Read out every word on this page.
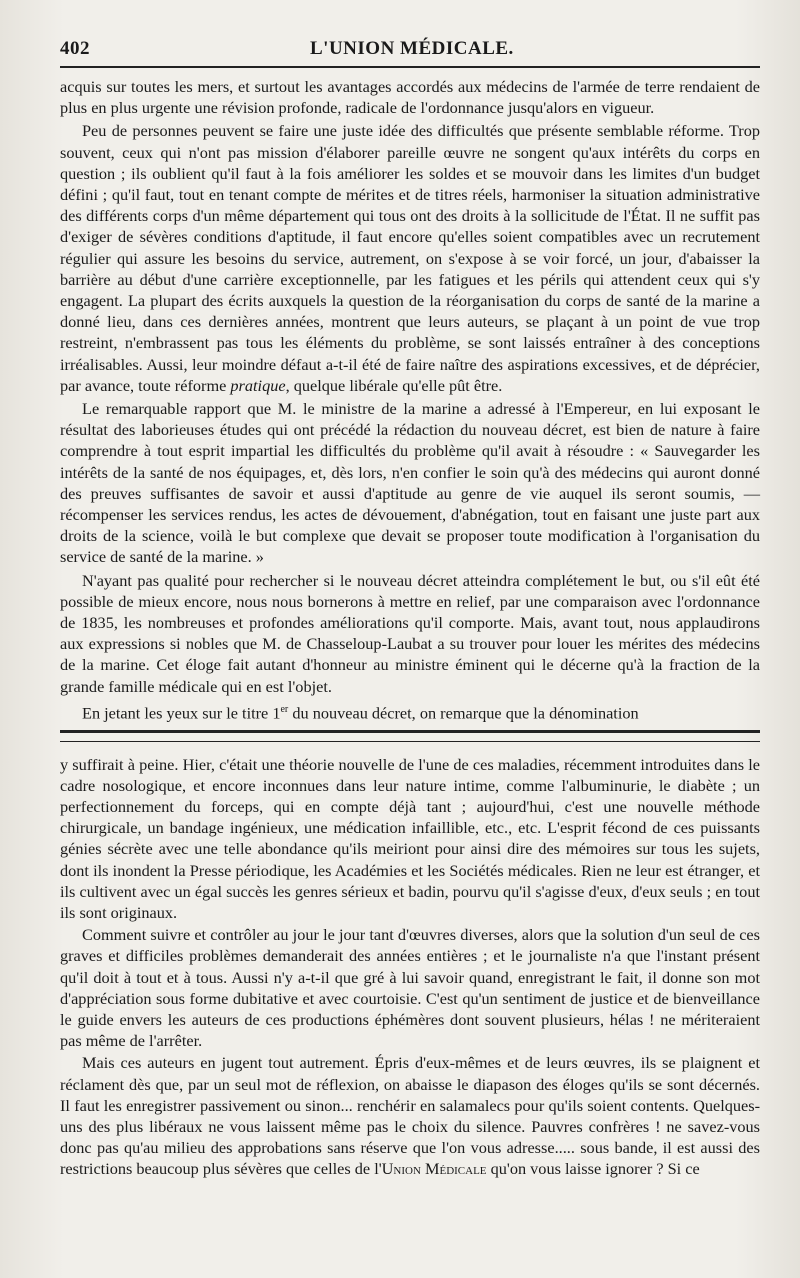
402	L'UNION MÉDICALE.

acquis sur toutes les mers, et surtout les avantages accordés aux médecins de l'armée de terre rendaient de plus en plus urgente une révision profonde, radicale de l'ordonnance jusqu'alors en vigueur.

Peu de personnes peuvent se faire une juste idée des difficultés que présente semblable réforme. Trop souvent, ceux qui n'ont pas mission d'élaborer pareille œuvre ne songent qu'aux intérêts du corps en question ; ils oublient qu'il faut à la fois améliorer les soldes et se mouvoir dans les limites d'un budget défini ; qu'il faut, tout en tenant compte de mérites et de titres réels, harmoniser la situation administrative des différents corps d'un même département qui tous ont des droits à la sollicitude de l'État. Il ne suffit pas d'exiger de sévères conditions d'aptitude, il faut encore qu'elles soient compatibles avec un recrutement régulier qui assure les besoins du service, autrement, on s'expose à se voir forcé, un jour, d'abaisser la barrière au début d'une carrière exceptionnelle, par les fatigues et les périls qui attendent ceux qui s'y engagent. La plupart des écrits auxquels la question de la réorganisation du corps de santé de la marine a donné lieu, dans ces dernières années, montrent que leurs auteurs, se plaçant à un point de vue trop restreint, n'embrassent pas tous les éléments du problème, se sont laissés entraîner à des conceptions irréalisables. Aussi, leur moindre défaut a-t-il été de faire naître des aspirations excessives, et de déprécier, par avance, toute réforme pratique, quelque libérale qu'elle pût être.

Le remarquable rapport que M. le ministre de la marine a adressé à l'Empereur, en lui exposant le résultat des laborieuses études qui ont précédé la rédaction du nouveau décret, est bien de nature à faire comprendre à tout esprit impartial les difficultés du problème qu'il avait à résoudre : « Sauvegarder les intérêts de la santé de nos équipages, et, dès lors, n'en confier le soin qu'à des médecins qui auront donné des preuves suffisantes de savoir et aussi d'aptitude au genre de vie auquel ils seront soumis, — récompenser les services rendus, les actes de dévouement, d'abnégation, tout en faisant une juste part aux droits de la science, voilà le but complexe que devait se proposer toute modification à l'organisation du service de santé de la marine. »

N'ayant pas qualité pour rechercher si le nouveau décret atteindra complétement le but, ou s'il eût été possible de mieux encore, nous nous bornerons à mettre en relief, par une comparaison avec l'ordonnance de 1835, les nombreuses et profondes améliorations qu'il comporte. Mais, avant tout, nous applaudirons aux expressions si nobles que M. de Chasseloup-Laubat a su trouver pour louer les mérites des médecins de la marine. Cet éloge fait autant d'honneur au ministre éminent qui le décerne qu'à la fraction de la grande famille médicale qui en est l'objet.

En jetant les yeux sur le titre 1er du nouveau décret, on remarque que la dénomination

y suffirait à peine. Hier, c'était une théorie nouvelle de l'une de ces maladies, récemment introduites dans le cadre nosologique, et encore inconnues dans leur nature intime, comme l'albuminurie, le diabète ; un perfectionnement du forceps, qui en compte déjà tant ; aujourd'hui, c'est une nouvelle méthode chirurgicale, un bandage ingénieux, une médication infaillible, etc., etc. L'esprit fécond de ces puissants génies sécrète avec une telle abondance qu'ils meiriont pour ainsi dire des mémoires sur tous les sujets, dont ils inondent la Presse périodique, les Académies et les Sociétés médicales. Rien ne leur est étranger, et ils cultivent avec un égal succès les genres sérieux et badin, pourvu qu'il s'agisse d'eux, d'eux seuls ; en tout ils sont originaux.

Comment suivre et contrôler au jour le jour tant d'œuvres diverses, alors que la solution d'un seul de ces graves et difficiles problèmes demanderait des années entières ; et le journaliste n'a que l'instant présent qu'il doit à tout et à tous. Aussi n'y a-t-il que gré à lui savoir quand, enregistrant le fait, il donne son mot d'appréciation sous forme dubitative et avec courtoisie. C'est qu'un sentiment de justice et de bienveillance le guide envers les auteurs de ces productions éphémères dont souvent plusieurs, hélas ! ne mériteraient pas même de l'arrêter.

Mais ces auteurs en jugent tout autrement. Épris d'eux-mêmes et de leurs œuvres, ils se plaignent et réclament dès que, par un seul mot de réflexion, on abaisse le diapason des éloges qu'ils se sont décernés. Il faut les enregistrer passivement ou sinon... renchérir en salamalecs pour qu'ils soient contents. Quelques-uns des plus libéraux ne vous laissent même pas le choix du silence. Pauvres confrères ! ne savez-vous donc pas qu'au milieu des approbations sans réserve que l'on vous adresse..... sous bande, il est aussi des restrictions beaucoup plus sévères que celles de l'Union Médicale qu'on vous laisse ignorer ? Si ce
